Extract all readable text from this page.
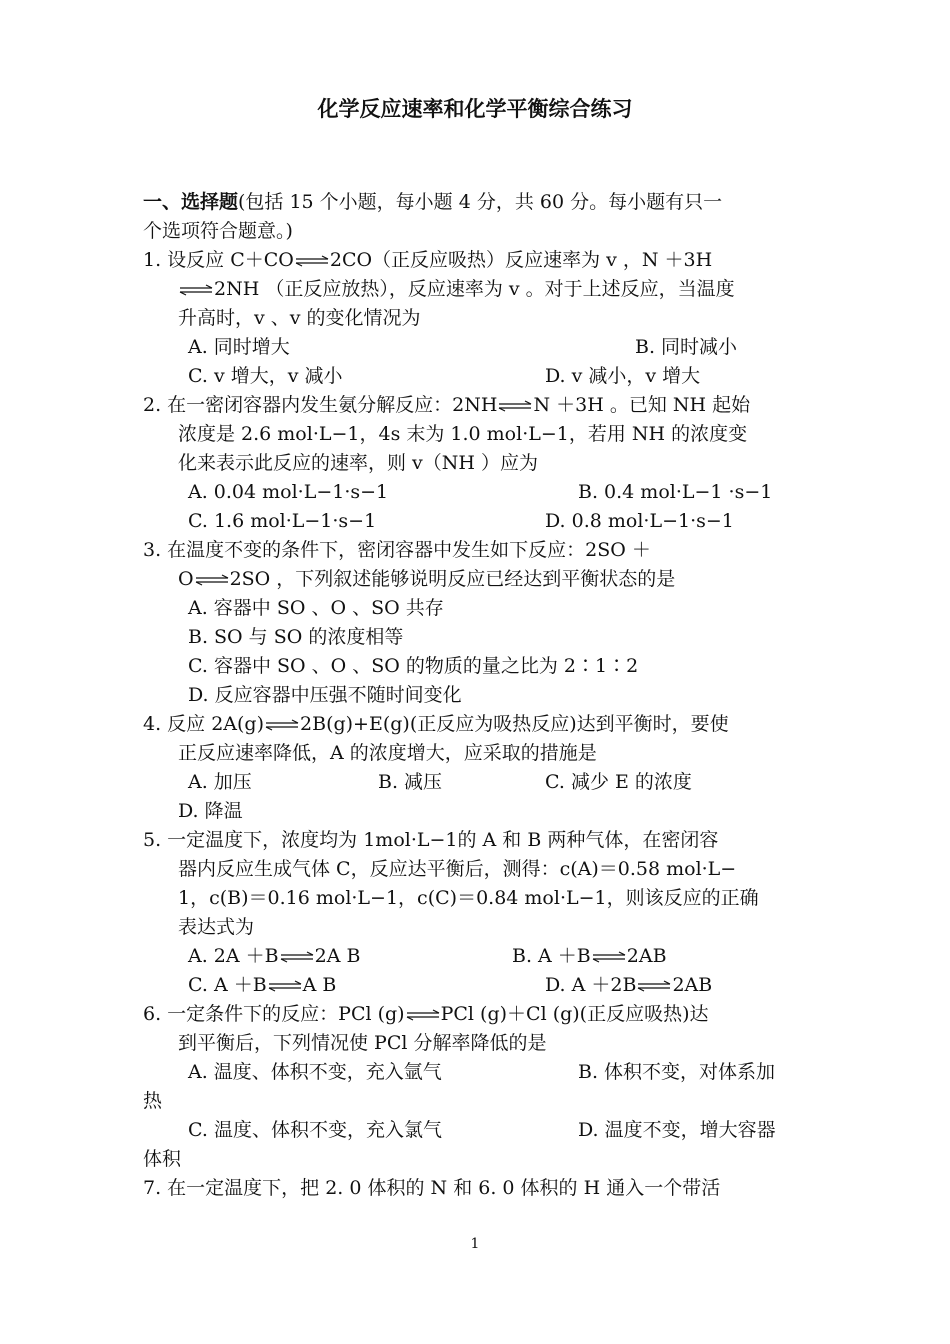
化学反应速率和化学平衡综合练习
一、选择题(包括 15 个小题，每小题 4 分，共 60 分。每小题有只一
个选项符合题意。)
1. 设反应 C＋CO⇌2CO（正反应吸热）反应速率为 v ，N ＋3H
⇌2NH （正反应放热），反应速率为 v 。对于上述反应，当温度
升高时，v 、v 的变化情况为
A. 同时增大	B. 同时减小
C. v 增大，v 减小	D. v 减小，v 增大
2. 在一密闭容器内发生氨分解反应：2NH⇌N ＋3H 。已知 NH 起始
浓度是 2.6 mol·L−1，4s 末为 1.0 mol·L−1，若用 NH 的浓度变
化来表示此反应的速率，则 v（NH ）应为
A. 0.04 mol·L−1·s−1	B. 0.4 mol·L−1 ·s−1
C. 1.6 mol·L−1·s−1	D. 0.8 mol·L−1·s−1
3. 在温度不变的条件下，密闭容器中发生如下反应：2SO ＋
O⇌2SO ，下列叙述能够说明反应已经达到平衡状态的是
A. 容器中 SO 、O 、SO 共存
B. SO 与 SO 的浓度相等
C. 容器中 SO 、O 、SO 的物质的量之比为 2∶1∶2
D. 反应容器中压强不随时间变化
4. 反应 2A(g)⇌2B(g)+E(g)(正反应为吸热反应)达到平衡时，要使
正反应速率降低，A 的浓度增大，应采取的措施是
A. 加压	B. 减压	C. 减少 E 的浓度
D. 降温
5. 一定温度下，浓度均为 1mol·L−1的 A 和 B 两种气体，在密闭容
器内反应生成气体 C，反应达平衡后，测得：c(A)＝0.58 mol·L−
1，c(B)＝0.16 mol·L−1，c(C)＝0.84 mol·L−1，则该反应的正确
表达式为
A. 2A ＋B⇌2A B	B. A ＋B⇌2AB
C. A ＋B⇌A B	D. A ＋2B⇌2AB
6. 一定条件下的反应：PCl (g)⇌PCl (g)＋Cl (g)(正反应吸热)达
到平衡后，下列情况使 PCl 分解率降低的是
A. 温度、体积不变，充入氩气	B. 体积不变，对体系加
热
C. 温度、体积不变，充入氯气	D. 温度不变，增大容器
体积
7. 在一定温度下，把 2. 0 体积的 N 和 6. 0 体积的 H 通入一个带活
1
